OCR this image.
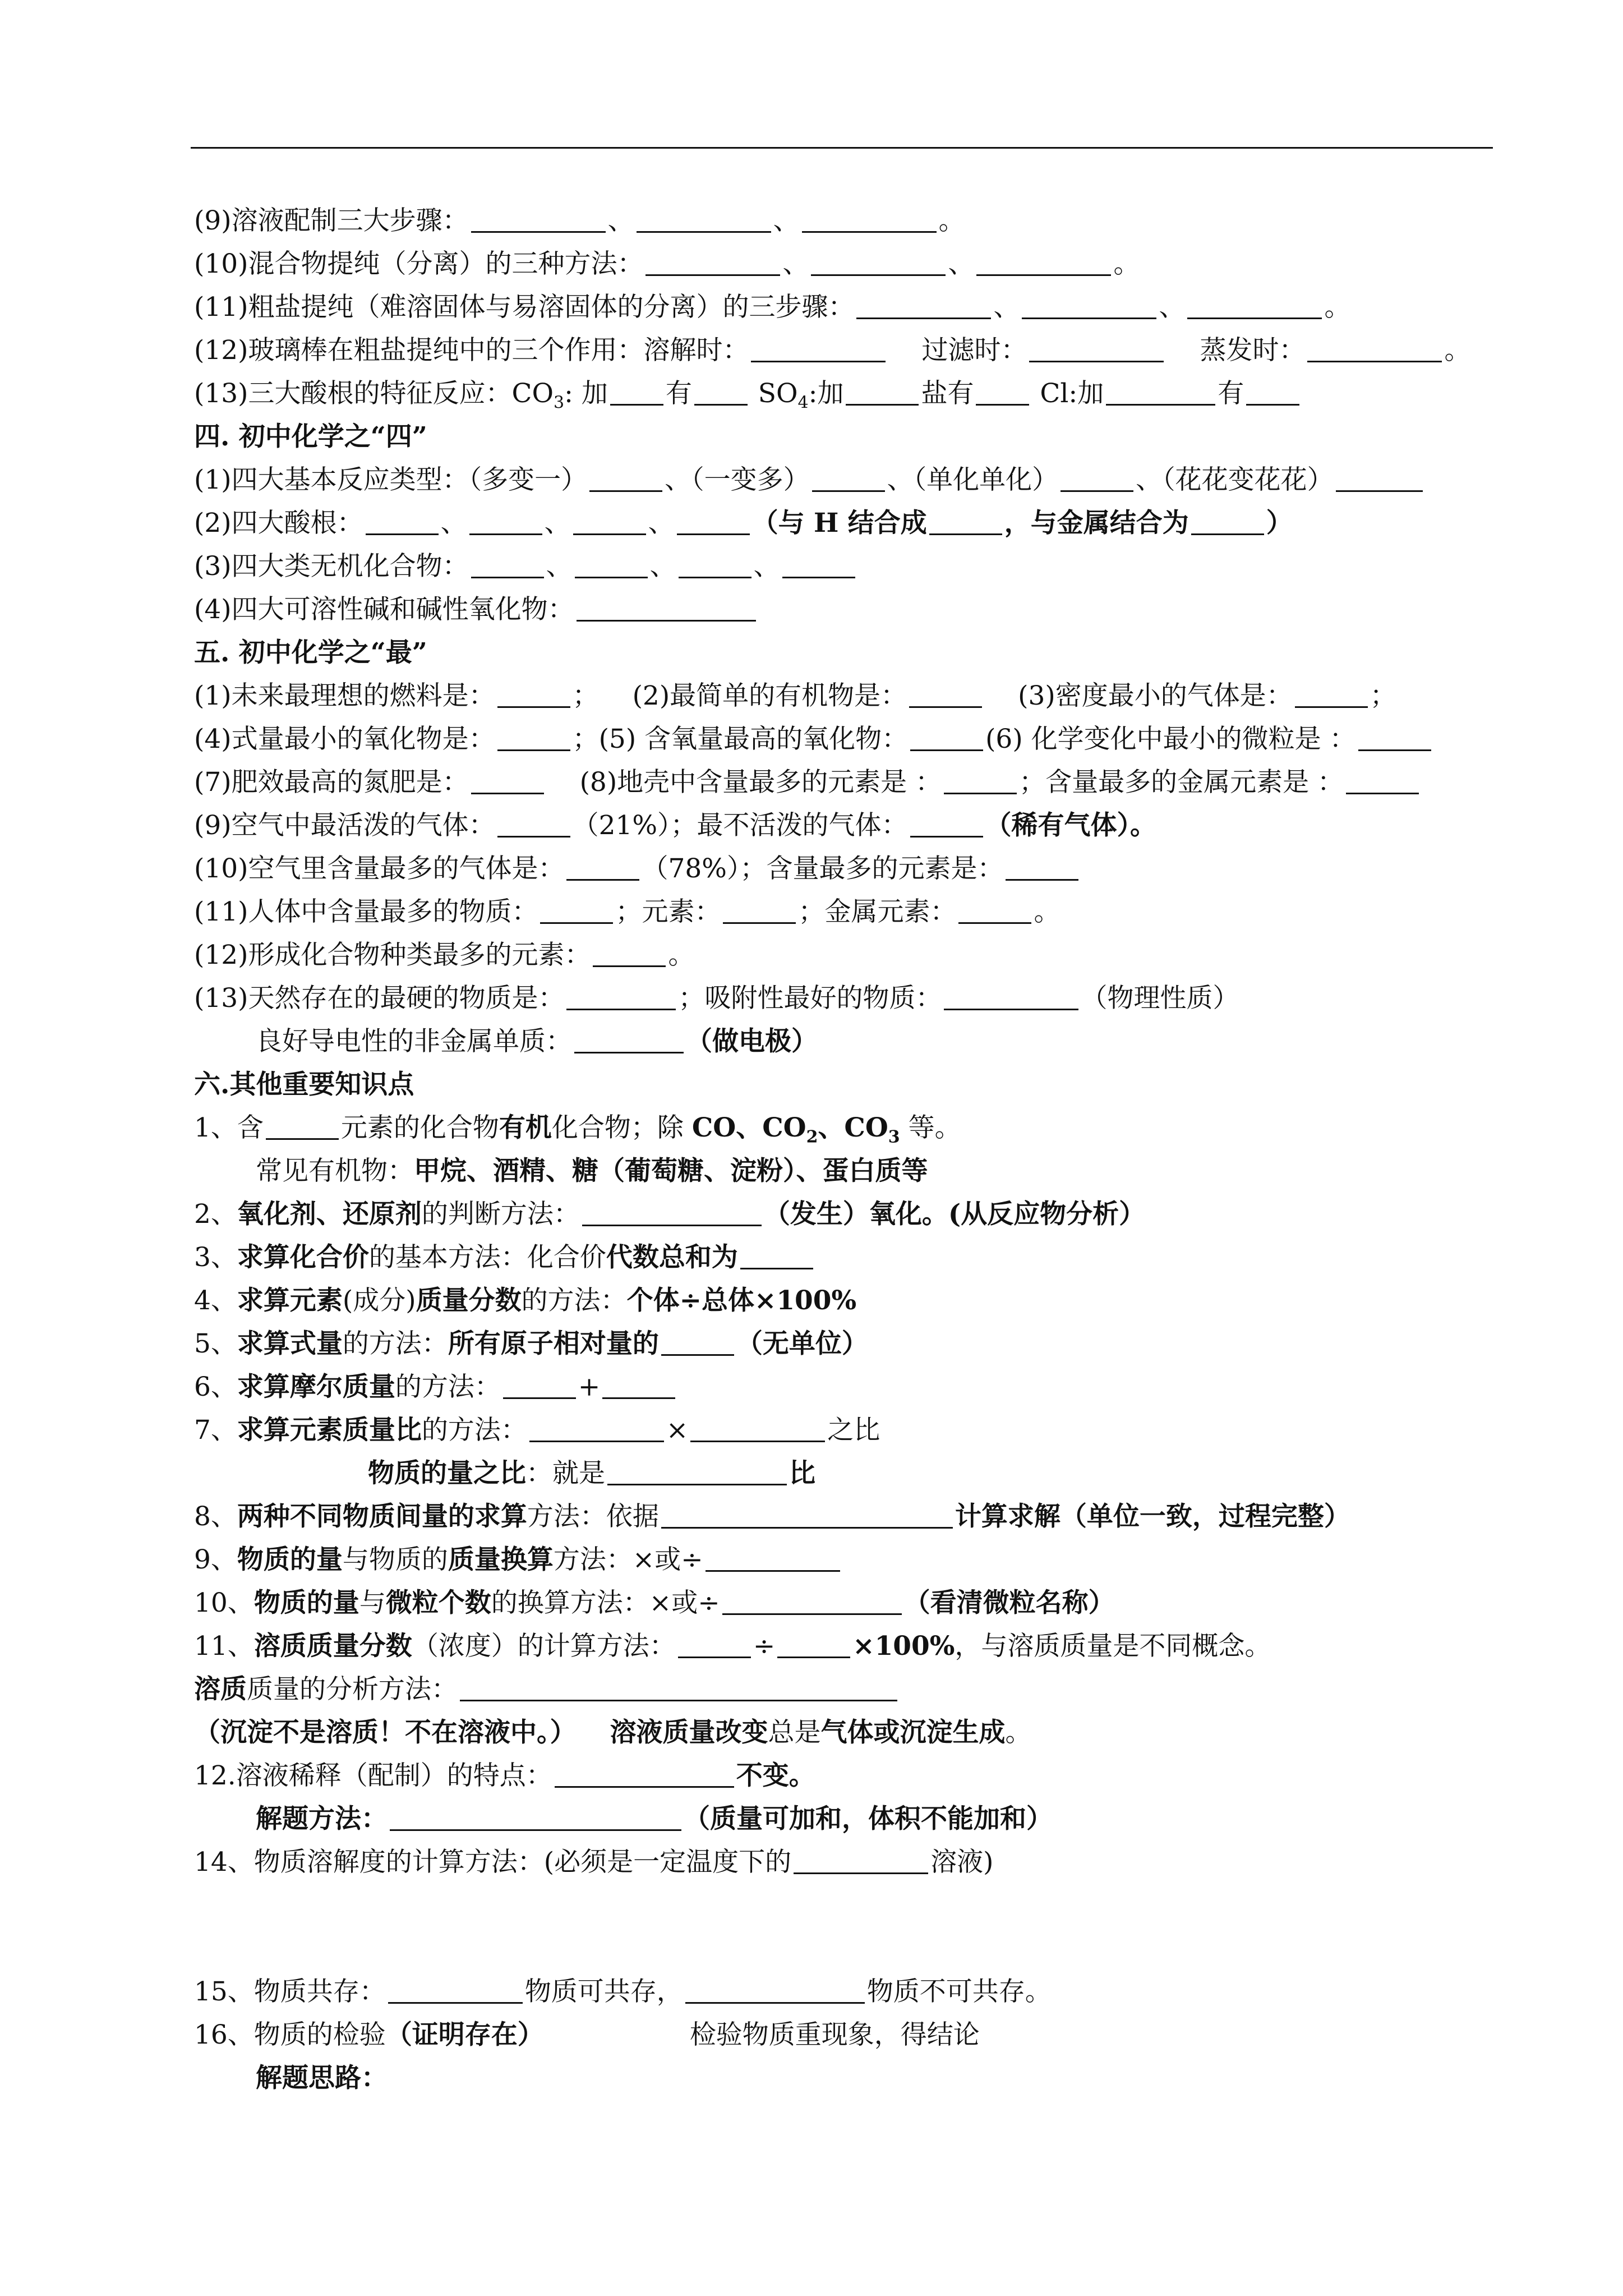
(9)溶液配制三大步骤：	、	、	。
(10)混合物提纯（分离）的三种方法：	、	、	。
(11)粗盐提纯（难溶固体与易溶固体的分离）的三步骤：	、	、	。
(12)玻璃棒在粗盐提纯中的三个作用：溶解时：	过滤时：	蒸发时：	。
(13)三大酸根的特征反应：$CO_3$: 加 有 $SO_4$:加	盐有 Cl:加	有
四. 初中化学之“四”
(1)四大基本反应类型：（多变一）	、（一变多）	、（单化单化）	、（花花变花花）
(2)四大酸根：	、	、	、	（与 H 结合成	，与金属结合为	）
(3)四大类无机化合物：	、	、	、
(4)四大可溶性碱和碱性氧化物：
五. 初中化学之“最”
(1)未来最理想的燃料是：	； (2)最简单的有机物是：	(3)密度最小的气体是：	；
(4)式量最小的氧化物是：	；(5) 含氧量最高的氧化物：	(6) 化学变化中最小的微粒是 ：
(7)肥效最高的氮肥是：	(8)地壳中含量最多的元素是 ：	；含量最多的金属元素是 ：
(9)空气中最活泼的气体：	（21%）；最不活泼的气体：	（稀有气体）。
(10)空气里含量最多的气体是：	（78%）；含量最多的元素是：
(11)人体中含量最多的物质：	；元素：	；金属元素：	。
(12)形成化合物种类最多的元素：	。
(13)天然存在的最硬的物质是：	；吸附性最好的物质：	（物理性质）
良好导电性的非金属单质：	（做电极）
六.其他重要知识点
1、含	元素的化合物有机化合物；除 CO、$CO_2$、$CO_3$ 等。
常见有机物：甲烷、酒精、糖（葡萄糖、淀粉）、蛋白质等
2、氧化剂、还原剂的判断方法：	（发生）氧化。(从反应物分析）
3、求算化合价的基本方法：化合价代数总和为
4、求算元素(成分)质量分数的方法：个体÷总体×100%
5、求算式量的方法：所有原子相对量的	（无单位）
6、求算摩尔质量的方法：	+
7、求算元素质量比的方法：	×	之比
物质的量之比：就是	比
8、两种不同物质间量的求算方法：依据	计算求解（单位一致，过程完整）
9、物质的量与物质的质量换算方法：×或÷
10、物质的量与微粒个数的换算方法：×或÷	（看清微粒名称）
11、溶质质量分数（浓度）的计算方法：	÷	×100%，与溶质质量是不同概念。
溶质质量的分析方法：
（沉淀不是溶质！不在溶液中。） 溶液质量改变总是气体或沉淀生成。
12.溶液稀释（配制）的特点：	不变。
解题方法：	（质量可加和，体积不能加和）
14、物质溶解度的计算方法：(必须是一定温度下的	溶液)
15、物质共存：	物质可共存，	物质不可共存。
16、物质的检验（证明存在）	检验物质重现象，得结论
解题思路：
